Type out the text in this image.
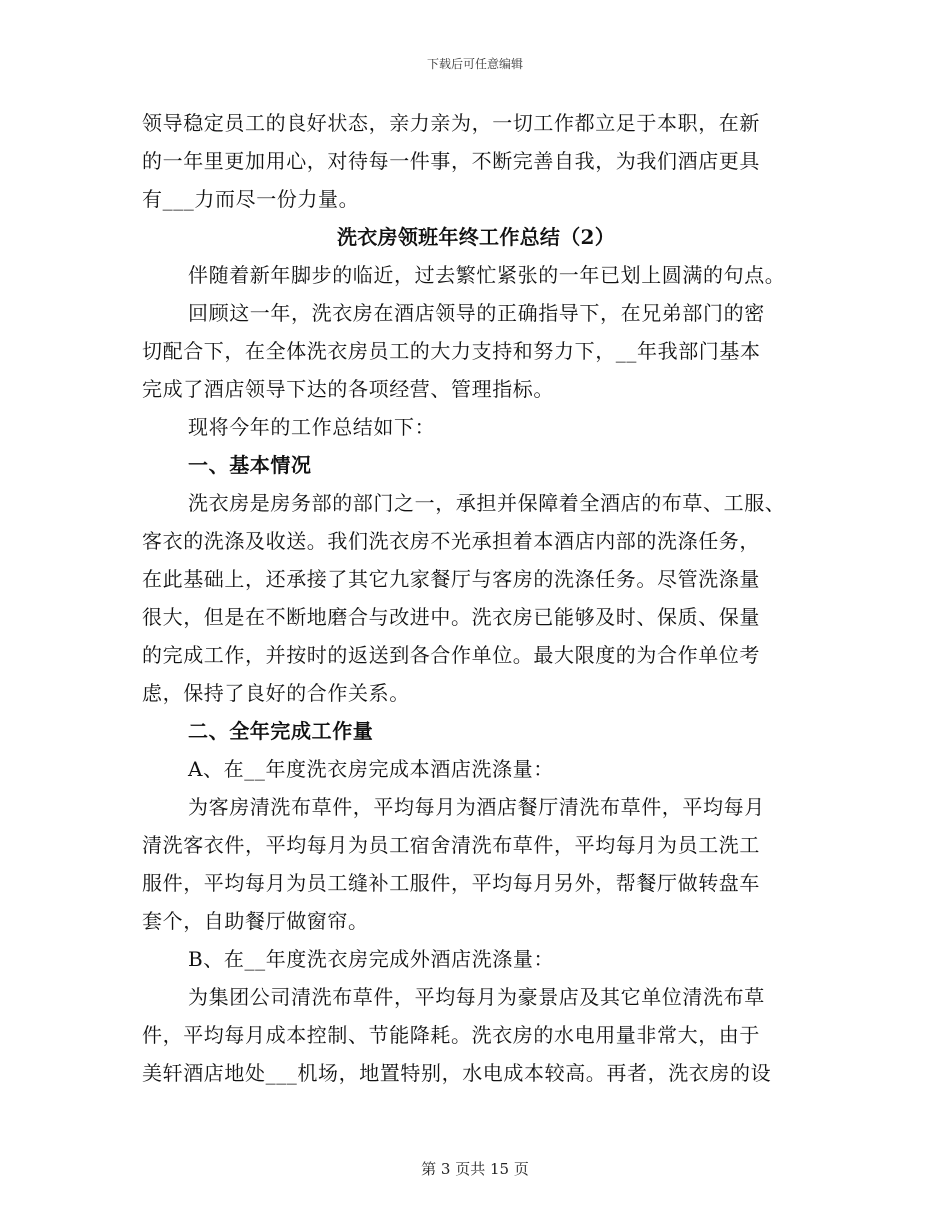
下载后可任意编辑
领导稳定员工的良好状态，亲力亲为，一切工作都立足于本职，在新
的一年里更加用心，对待每一件事，不断完善自我，为我们酒店更具
有___力而尽一份力量。
洗衣房领班年终工作总结（2）
伴随着新年脚步的临近，过去繁忙紧张的一年已划上圆满的句点。
回顾这一年，洗衣房在酒店领导的正确指导下，在兄弟部门的密
切配合下，在全体洗衣房员工的大力支持和努力下，__年我部门基本
完成了酒店领导下达的各项经营、管理指标。
现将今年的工作总结如下：
一、基本情况
洗衣房是房务部的部门之一，承担并保障着全酒店的布草、工服、
客衣的洗涤及收送。我们洗衣房不光承担着本酒店内部的洗涤任务，
在此基础上，还承接了其它九家餐厅与客房的洗涤任务。尽管洗涤量
很大，但是在不断地磨合与改进中。洗衣房已能够及时、保质、保量
的完成工作，并按时的返送到各合作单位。最大限度的为合作单位考
虑，保持了良好的合作关系。
二、全年完成工作量
A、在__年度洗衣房完成本酒店洗涤量：
为客房清洗布草件，平均每月为酒店餐厅清洗布草件，平均每月
清洗客衣件，平均每月为员工宿舍清洗布草件，平均每月为员工洗工
服件，平均每月为员工缝补工服件，平均每月另外，帮餐厅做转盘车
套个，自助餐厅做窗帘。
B、在__年度洗衣房完成外酒店洗涤量：
为集团公司清洗布草件，平均每月为豪景店及其它单位清洗布草
件，平均每月成本控制、节能降耗。洗衣房的水电用量非常大，由于
美轩酒店地处___机场，地置特别，水电成本较高。再者，洗衣房的设
第 3 页共 15 页
